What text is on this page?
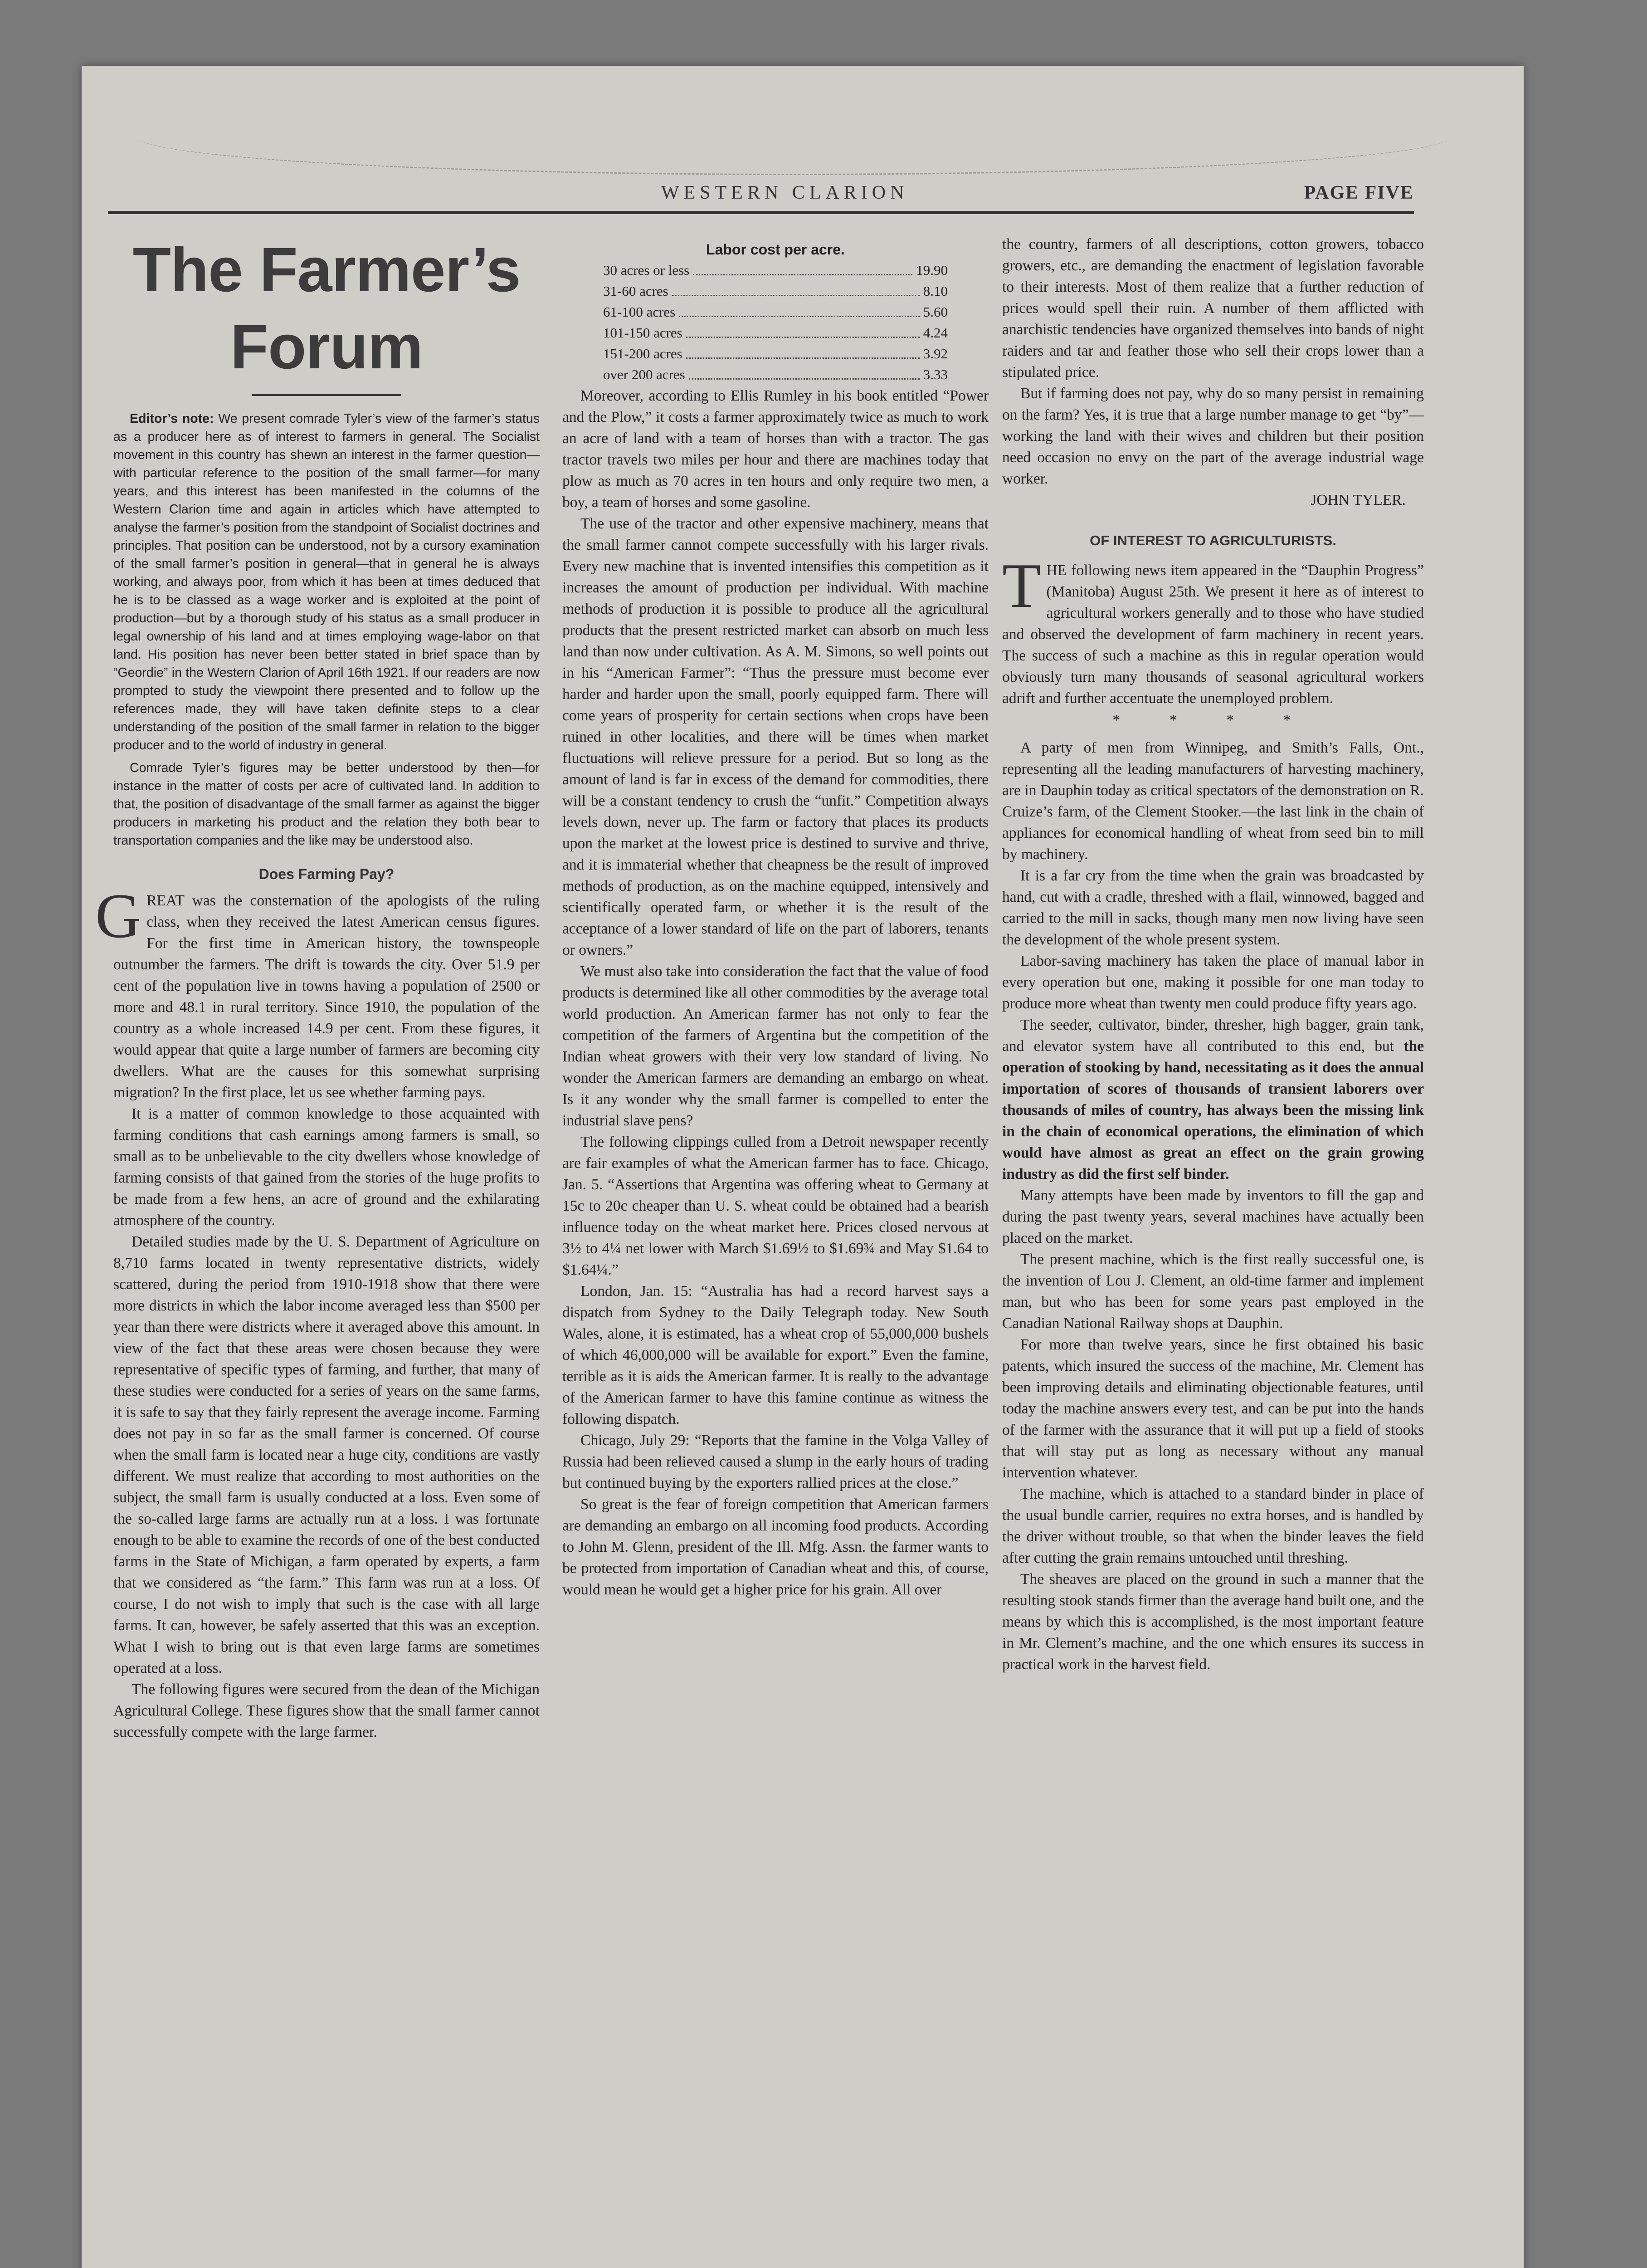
WESTERN CLARION	PAGE FIVE
The Farmer’s Forum

Editor’s note: We present comrade Tyler’s view of the farmer’s status as a producer here as of interest to farmers in general. The Socialist movement in this country has shewn an interest in the farmer question—with particular reference to the position of the small farmer—for many years, and this interest has been manifested in the columns of the Western Clarion time and again in articles which have attempted to analyse the farmer’s position from the standpoint of Socialist doctrines and principles. That position can be understood, not by a cursory examination of the small farmer’s position in general—that in general he is always working, and always poor, from which it has been at times deduced that he is to be classed as a wage worker and is exploited at the point of production—but by a thorough study of his status as a small producer in legal ownership of his land and at times employing wage-labor on that land. His position has never been better stated in brief space than by “Geordie” in the Western Clarion of April 16th 1921. If our readers are now prompted to study the viewpoint there presented and to follow up the references made, they will have taken definite steps to a clear understanding of the position of the small farmer in relation to the bigger producer and to the world of industry in general.

Comrade Tyler’s figures may be better understood by then—for instance in the matter of costs per acre of cultivated land. In addition to that, the position of disadvantage of the small farmer as against the bigger producers in marketing his product and the relation they both bear to transportation companies and the like may be understood also.

Does Farming Pay?

GREAT was the consternation of the apologists of the ruling class, when they received the latest American census figures. For the first time in American history, the townspeople outnumber the farmers. The drift is towards the city. Over 51.9 per cent of the population live in towns having a population of 2500 or more and 48.1 in rural territory. Since 1910, the population of the country as a whole increased 14.9 per cent. From these figures, it would appear that quite a large number of farmers are becoming city dwellers. What are the causes for this somewhat surprising migration? In the first place, let us see whether farming pays.

It is a matter of common knowledge to those acquainted with farming conditions that cash earnings among farmers is small, so small as to be unbelievable to the city dwellers whose knowledge of farming consists of that gained from the stories of the huge profits to be made from a few hens, an acre of ground and the exhilarating atmosphere of the country.

Detailed studies made by the U. S. Department of Agriculture on 8,710 farms located in twenty representative districts, widely scattered, during the period from 1910-1918 show that there were more districts in which the labor income averaged less than $500 per year than there were districts where it averaged above this amount. In view of the fact that these areas were chosen because they were representative of specific types of farming, and further, that many of these studies were conducted for a series of years on the same farms, it is safe to say that they fairly represent the average income. Farming does not pay in so far as the small farmer is concerned. Of course when the small farm is located near a huge city, conditions are vastly different. We must realize that according to most authorities on the subject, the small farm is usually conducted at a loss. Even some of the so-called large farms are actually run at a loss. I was fortunate enough to be able to examine the records of one of the best conducted farms in the State of Michigan, a farm operated by experts, a farm that we considered as “the farm.” This farm was run at a loss. Of course, I do not wish to imply that such is the case with all large farms. It can, however, be safely asserted that this was an exception. What I wish to bring out is that even large farms are sometimes operated at a loss.

The following figures were secured from the dean of the Michigan Agricultural College. These figures show that the small farmer cannot successfully compete with the large farmer.

Labor cost per acre.
30 acres or less	19.90
31-60 acres	8.10
61-100 acres	5.60
101-150 acres	4.24
151-200 acres	3.92
over 200 acres	3.33

Moreover, according to Ellis Rumley in his book entitled “Power and the Plow,” it costs a farmer approximately twice as much to work an acre of land with a team of horses than with a tractor. The gas tractor travels two miles per hour and there are machines today that plow as much as 70 acres in ten hours and only require two men, a boy, a team of horses and some gasoline.

The use of the tractor and other expensive machinery, means that the small farmer cannot compete successfully with his larger rivals. Every new machine that is invented intensifies this competition as it increases the amount of production per individual. With machine methods of production it is possible to produce all the agricultural products that the present restricted market can absorb on much less land than now under cultivation. As A. M. Simons, so well points out in his “American Farmer”: “Thus the pressure must become ever harder and harder upon the small, poorly equipped farm. There will come years of prosperity for certain sections when crops have been ruined in other localities, and there will be times when market fluctuations will relieve pressure for a period. But so long as the amount of land is far in excess of the demand for commodities, there will be a constant tendency to crush the “unfit.” Competition always levels down, never up. The farm or factory that places its products upon the market at the lowest price is destined to survive and thrive, and it is immaterial whether that cheapness be the result of improved methods of production, as on the machine equipped, intensively and scientifically operated farm, or whether it is the result of the acceptance of a lower standard of life on the part of laborers, tenants or owners.”

We must also take into consideration the fact that the value of food products is determined like all other commodities by the average total world production. An American farmer has not only to fear the competition of the farmers of Argentina but the competition of the Indian wheat growers with their very low standard of living. No wonder the American farmers are demanding an embargo on wheat. Is it any wonder why the small farmer is compelled to enter the industrial slave pens?

The following clippings culled from a Detroit newspaper recently are fair examples of what the American farmer has to face. Chicago, Jan. 5. “Assertions that Argentina was offering wheat to Germany at 15c to 20c cheaper than U. S. wheat could be obtained had a bearish influence today on the wheat market here. Prices closed nervous at 3½ to 4¼ net lower with March $1.69½ to $1.69¾ and May $1.64 to $1.64¼.”

London, Jan. 15: “Australia has had a record harvest says a dispatch from Sydney to the Daily Telegraph today. New South Wales, alone, it is estimated, has a wheat crop of 55,000,000 bushels of which 46,000,000 will be available for export.” Even the famine, terrible as it is aids the American farmer. It is really to the advantage of the American farmer to have this famine continue as witness the following dispatch.

Chicago, July 29: “Reports that the famine in the Volga Valley of Russia had been relieved caused a slump in the early hours of trading but continued buying by the exporters rallied prices at the close.”

So great is the fear of foreign competition that American farmers are demanding an embargo on all incoming food products. According to John M. Glenn, president of the Ill. Mfg. Assn. the farmer wants to be protected from importation of Canadian wheat and this, of course, would mean he would get a higher price for his grain. All over

the country, farmers of all descriptions, cotton growers, tobacco growers, etc., are demanding the enactment of legislation favorable to their interests. Most of them realize that a further reduction of prices would spell their ruin. A number of them afflicted with anarchistic tendencies have organized themselves into bands of night raiders and tar and feather those who sell their crops lower than a stipulated price.

But if farming does not pay, why do so many persist in remaining on the farm? Yes, it is true that a large number manage to get “by”—working the land with their wives and children but their position need occasion no envy on the part of the average industrial wage worker.

JOHN TYLER.

OF INTEREST TO AGRICULTURISTS.

THE following news item appeared in the “Dauphin Progress” (Manitoba) August 25th. We present it here as of interest to agricultural workers generally and to those who have studied and observed the development of farm machinery in recent years. The success of such a machine as this in regular operation would obviously turn many thousands of seasonal agricultural workers adrift and further accentuate the unemployed problem.

* * * *

A party of men from Winnipeg, and Smith’s Falls, Ont., representing all the leading manufacturers of harvesting machinery, are in Dauphin today as critical spectators of the demonstration on R. Cruize’s farm, of the Clement Stooker.—the last link in the chain of appliances for economical handling of wheat from seed bin to mill by machinery.

It is a far cry from the time when the grain was broadcasted by hand, cut with a cradle, threshed with a flail, winnowed, bagged and carried to the mill in sacks, though many men now living have seen the development of the whole present system.

Labor-saving machinery has taken the place of manual labor in every operation but one, making it possible for one man today to produce more wheat than twenty men could produce fifty years ago.

The seeder, cultivator, binder, thresher, high bagger, grain tank, and elevator system have all contributed to this end, but the operation of stooking by hand, necessitating as it does the annual importation of scores of thousands of transient laborers over thousands of miles of country, has always been the missing link in the chain of economical operations, the elimination of which would have almost as great an effect on the grain growing industry as did the first self binder.

Many attempts have been made by inventors to fill the gap and during the past twenty years, several machines have actually been placed on the market.

The present machine, which is the first really successful one, is the invention of Lou J. Clement, an old-time farmer and implement man, but who has been for some years past employed in the Canadian National Railway shops at Dauphin.

For more than twelve years, since he first obtained his basic patents, which insured the success of the machine, Mr. Clement has been improving details and eliminating objectionable features, until today the machine answers every test, and can be put into the hands of the farmer with the assurance that it will put up a field of stooks that will stay put as long as necessary without any manual intervention whatever.

The machine, which is attached to a standard binder in place of the usual bundle carrier, requires no extra horses, and is handled by the driver without trouble, so that when the binder leaves the field after cutting the grain remains untouched until threshing.

The sheaves are placed on the ground in such a manner that the resulting stook stands firmer than the average hand built one, and the means by which this is accomplished, is the most important feature in Mr. Clement’s machine, and the one which ensures its success in practical work in the harvest field.
